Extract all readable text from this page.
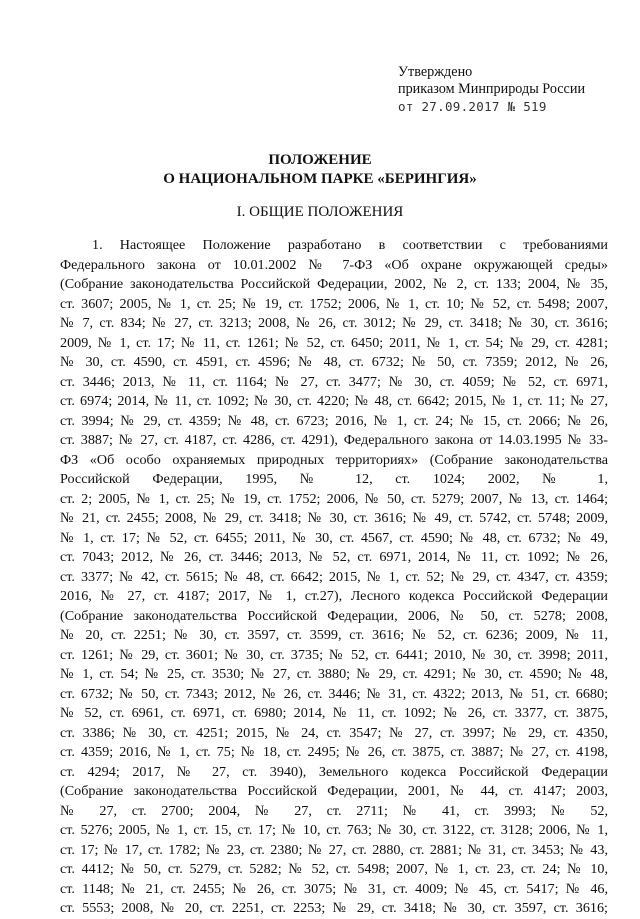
Утверждено
приказом Минприроды России
от 27.09.2017 № 519
ПОЛОЖЕНИЕ
О НАЦИОНАЛЬНОМ ПАРКЕ «БЕРИНГИЯ»
I. ОБЩИЕ ПОЛОЖЕНИЯ
1. Настоящее Положение разработано в соответствии с требованиями
Федерального закона от 10.01.2002 № 7-ФЗ «Об охране окружающей среды»
(Собрание законодательства Российской Федерации, 2002, № 2, ст. 133; 2004, № 35,
ст. 3607; 2005, № 1, ст. 25; № 19, ст. 1752; 2006, № 1, ст. 10; № 52, ст. 5498; 2007,
№ 7, ст. 834; № 27, ст. 3213; 2008, № 26, ст. 3012; № 29, ст. 3418; № 30, ст. 3616;
2009, № 1, ст. 17; № 11, ст. 1261; № 52, ст. 6450; 2011, № 1, ст. 54; № 29, ст. 4281;
№ 30, ст. 4590, ст. 4591, ст. 4596; № 48, ст. 6732; № 50, ст. 7359; 2012, № 26,
ст. 3446; 2013, № 11, ст. 1164; № 27, ст. 3477; № 30, ст. 4059; № 52, ст. 6971,
ст. 6974; 2014, № 11, ст. 1092; № 30, ст. 4220; № 48, ст. 6642; 2015, № 1, ст. 11; № 27,
ст. 3994; № 29, ст. 4359; № 48, ст. 6723; 2016, № 1, ст. 24; № 15, ст. 2066; № 26,
ст. 3887; № 27, ст. 4187, ст. 4286, ст. 4291), Федерального закона от 14.03.1995 № 33-
ФЗ «Об особо охраняемых природных территориях» (Собрание законодательства
Российской Федерации, 1995, № 12, ст. 1024; 2002, № 1,
ст. 2; 2005, № 1, ст. 25; № 19, ст. 1752; 2006, № 50, ст. 5279; 2007, № 13, ст. 1464;
№ 21, ст. 2455; 2008, № 29, ст. 3418; № 30, ст. 3616; № 49, ст. 5742, ст. 5748; 2009,
№ 1, ст. 17; № 52, ст. 6455; 2011, № 30, ст. 4567, ст. 4590; № 48, ст. 6732; № 49,
ст. 7043; 2012, № 26, ст. 3446; 2013, № 52, ст. 6971, 2014, № 11, ст. 1092; № 26,
ст. 3377; № 42, ст. 5615; № 48, ст. 6642; 2015, № 1, ст. 52; № 29, ст. 4347, ст. 4359;
2016, № 27, ст. 4187; 2017, № 1, ст.27), Лесного кодекса Российской Федерации
(Собрание законодательства Российской Федерации, 2006, № 50, ст. 5278; 2008,
№ 20, ст. 2251; № 30, ст. 3597, ст. 3599, ст. 3616; № 52, ст. 6236; 2009, № 11,
ст. 1261; № 29, ст. 3601; № 30, ст. 3735; № 52, ст. 6441; 2010, № 30, ст. 3998; 2011,
№ 1, ст. 54; № 25, ст. 3530; № 27, ст. 3880; № 29, ст. 4291; № 30, ст. 4590; № 48,
ст. 6732; № 50, ст. 7343; 2012, № 26, ст. 3446; № 31, ст. 4322; 2013, № 51, ст. 6680;
№ 52, ст. 6961, ст. 6971, ст. 6980; 2014, № 11, ст. 1092; № 26, ст. 3377, ст. 3875,
ст. 3386; № 30, ст. 4251; 2015, № 24, ст. 3547; № 27, ст. 3997; № 29, ст. 4350,
ст. 4359; 2016, № 1, ст. 75; № 18, ст. 2495; № 26, ст. 3875, ст. 3887; № 27, ст. 4198,
ст. 4294; 2017, № 27, ст. 3940), Земельного кодекса Российской Федерации
(Собрание законодательства Российской Федерации, 2001, № 44, ст. 4147; 2003,
№ 27, ст. 2700; 2004, № 27, ст. 2711; № 41, ст. 3993; № 52,
ст. 5276; 2005, № 1, ст. 15, ст. 17; № 10, ст. 763; № 30, ст. 3122, ст. 3128; 2006, № 1,
ст. 17; № 17, ст. 1782; № 23, ст. 2380; № 27, ст. 2880, ст. 2881; № 31, ст. 3453; № 43,
ст. 4412; № 50, ст. 5279, ст. 5282; № 52, ст. 5498; 2007, № 1, ст. 23, ст. 24; № 10,
ст. 1148; № 21, ст. 2455; № 26, ст. 3075; № 31, ст. 4009; № 45, ст. 5417; № 46,
ст. 5553; 2008, № 20, ст. 2251, ст. 2253; № 29, ст. 3418; № 30, ст. 3597, ст. 3616;
